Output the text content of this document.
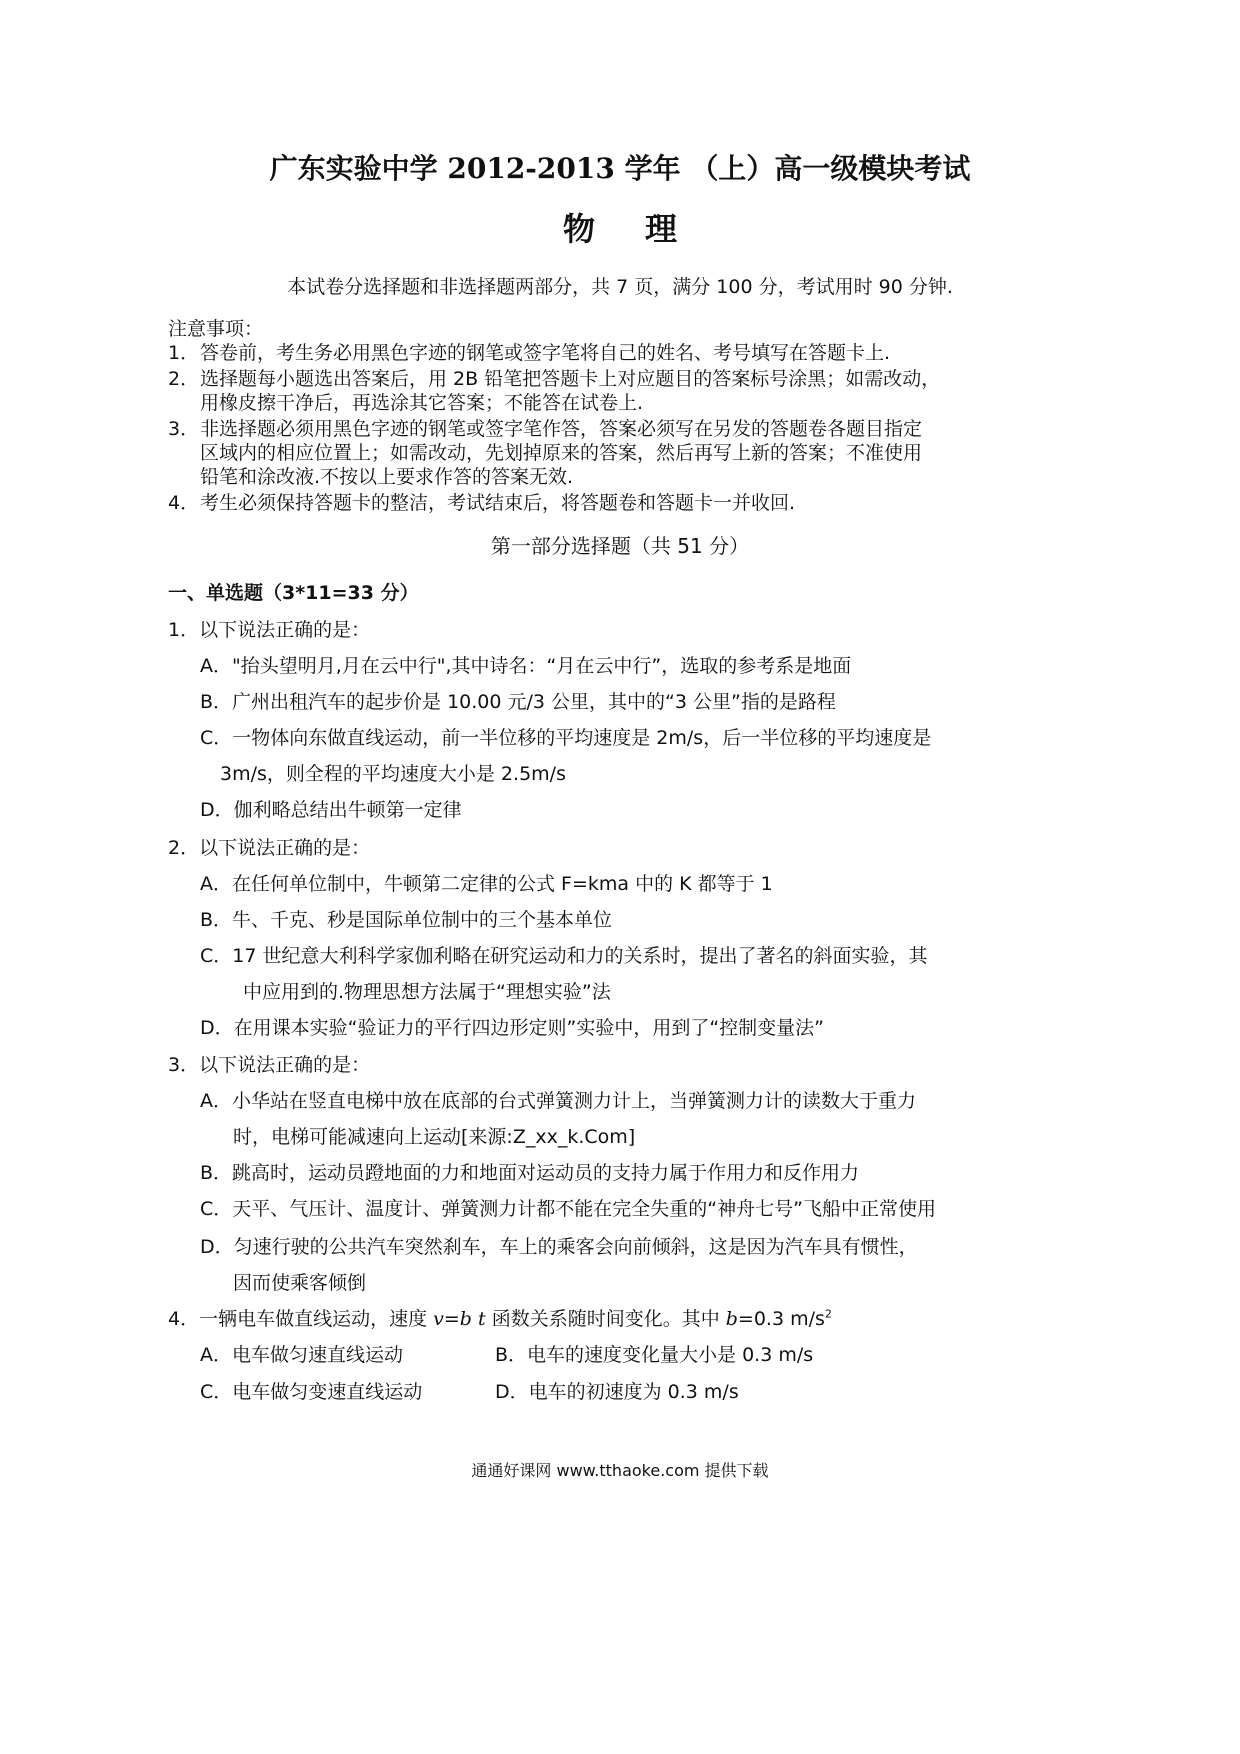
广东实验中学 2012-2013 学年 （上）高一级模块考试
物理
本试卷分选择题和非选择题两部分，共 7 页，满分 100 分，考试用时 90 分钟.
注意事项：
1．答卷前，考生务必用黑色字迹的钢笔或签字笔将自己的姓名、考号填写在答题卡上.
2．选择题每小题选出答案后，用 2B 铅笔把答题卡上对应题目的答案标号涂黑；如需改动，
用橡皮擦干净后，再选涂其它答案；不能答在试卷上.
3．非选择题必须用黑色字迹的钢笔或签字笔作答，答案必须写在另发的答题卷各题目指定
区域内的相应位置上；如需改动，先划掉原来的答案，然后再写上新的答案；不准使用
铅笔和涂改液.不按以上要求作答的答案无效.
4．考生必须保持答题卡的整洁，考试结束后，将答题卷和答题卡一并收回.
第一部分选择题（共 51 分）
一、单选题（3*11=33 分）
1．以下说法正确的是：
A．"抬头望明月,月在云中行",其中诗名：“月在云中行”，选取的参考系是地面
B．广州出租汽车的起步价是 10.00 元/3 公里，其中的“3 公里”指的是路程
C．一物体向东做直线运动，前一半位移的平均速度是 2m/s，后一半位移的平均速度是
3m/s，则全程的平均速度大小是 2.5m/s
D．伽利略总结出牛顿第一定律
2．以下说法正确的是：
A．在任何单位制中，牛顿第二定律的公式 F=kma 中的 K 都等于 1
B．牛、千克、秒是国际单位制中的三个基本单位
C．17 世纪意大利科学家伽利略在研究运动和力的关系时，提出了著名的斜面实验，其
中应用到的.物理思想方法属于“理想实验”法
D．在用课本实验“验证力的平行四边形定则”实验中，用到了“控制变量法”
3．以下说法正确的是：
A．小华站在竖直电梯中放在底部的台式弹簧测力计上，当弹簧测力计的读数大于重力
时，电梯可能减速向上运动[来源:Z_xx_k.Com]
B．跳高时，运动员蹬地面的力和地面对运动员的支持力属于作用力和反作用力
C．天平、气压计、温度计、弹簧测力计都不能在完全失重的“神舟七号”飞船中正常使用
D．匀速行驶的公共汽车突然刹车，车上的乘客会向前倾斜，这是因为汽车具有惯性，
因而使乘客倾倒
4．一辆电车做直线运动，速度 v=b t 函数关系随时间变化。其中 b=0.3 $m/s^2$
A．电车做匀速直线运动	B．电车的速度变化量大小是 0.3 m/s
C．电车做匀变速直线运动	D．电车的初速度为 0.3 m/s
通通好课网 www.tthaoke.com 提供下载
